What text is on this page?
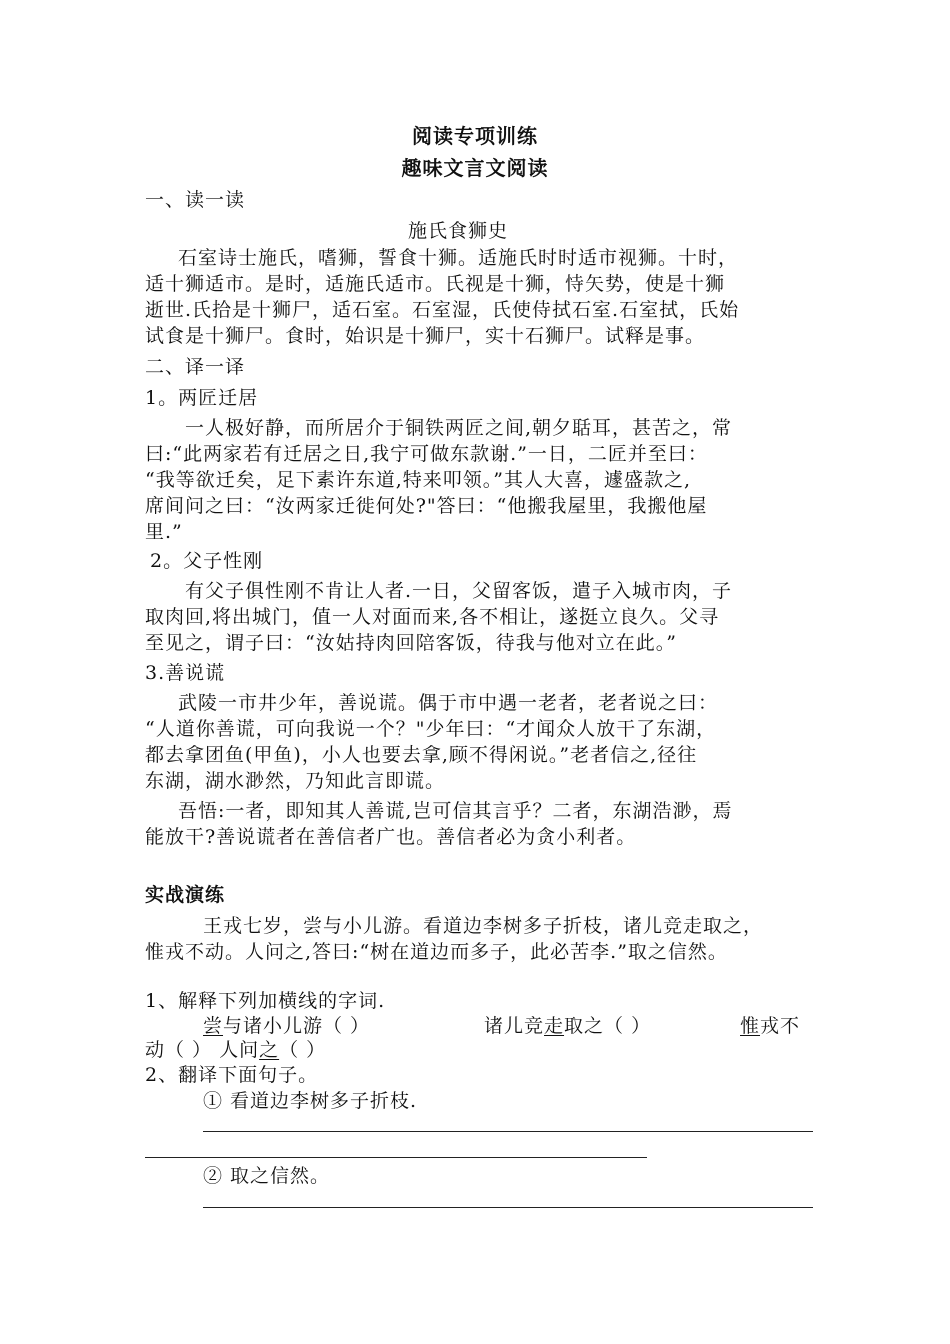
阅读专项训练
趣味文言文阅读
一、读一读
施氏食狮史
石室诗士施氏，嗜狮，誓食十狮。适施氏时时适市视狮。十时，
适十狮适市。是时，适施氏适市。氏视是十狮，恃矢势，使是十狮
逝世.氏拾是十狮尸，适石室。石室湿，氏使侍拭石室.石室拭，氏始
试食是十狮尸。食时，始识是十狮尸，实十石狮尸。试释是事。
二、译一译
1。两匠迁居
一人极好静，而所居介于铜铁两匠之间,朝夕聒耳，甚苦之，常
曰:“此两家若有迁居之日,我宁可做东款谢.”一日，二匠并至曰：
“我等欲迁矣，足下素许东道,特来叩领。”其人大喜，遽盛款之,
席间问之曰：“汝两家迁徙何处?"答曰：“他搬我屋里，我搬他屋
里.”
2。父子性刚
有父子俱性刚不肯让人者.一日，父留客饭，遣子入城市肉，子
取肉回,将出城门，值一人对面而来,各不相让，遂挺立良久。父寻
至见之，谓子曰：“汝姑持肉回陪客饭，待我与他对立在此。”
3.善说谎
武陵一市井少年，善说谎。偶于市中遇一老者，老者说之曰：
“人道你善谎，可向我说一个？"少年曰：“才闻众人放干了东湖，
都去拿团鱼(甲鱼)，小人也要去拿,顾不得闲说。”老者信之,径往
东湖，湖水渺然，乃知此言即谎。
吾悟:一者，即知其人善谎,岂可信其言乎？二者，东湖浩渺，焉
能放干?善说谎者在善信者广也。善信者必为贪小利者。
实战演练
王戎七岁，尝与小儿游。看道边李树多子折枝，诸儿竞走取之，
惟戎不动。人问之,答曰:“树在道边而多子，此必苦李.”取之信然。
1、解释下列加横线的字词.
尝与诸小儿游（ ）	诸儿竞走取之（ ）	惟戎不
动（ ） 人问之（ ）
2、翻译下面句子。
① 看道边李树多子折枝.
② 取之信然。
